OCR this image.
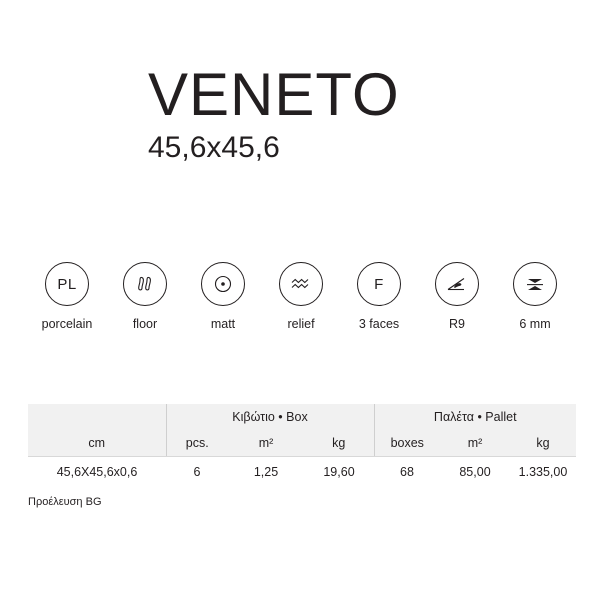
VENETO
45,6x45,6
PL
porcelain	floor	matt	relief
F
3 faces	R9	6 mm
	Κιβώτιο • Box			Παλέτα • Pallet		
cm	pcs.	m²	kg	boxes	m²	kg

45,6X45,6x0,6	6	1,25	19,60	68	85,00	1.335,00
Προέλευση BG
